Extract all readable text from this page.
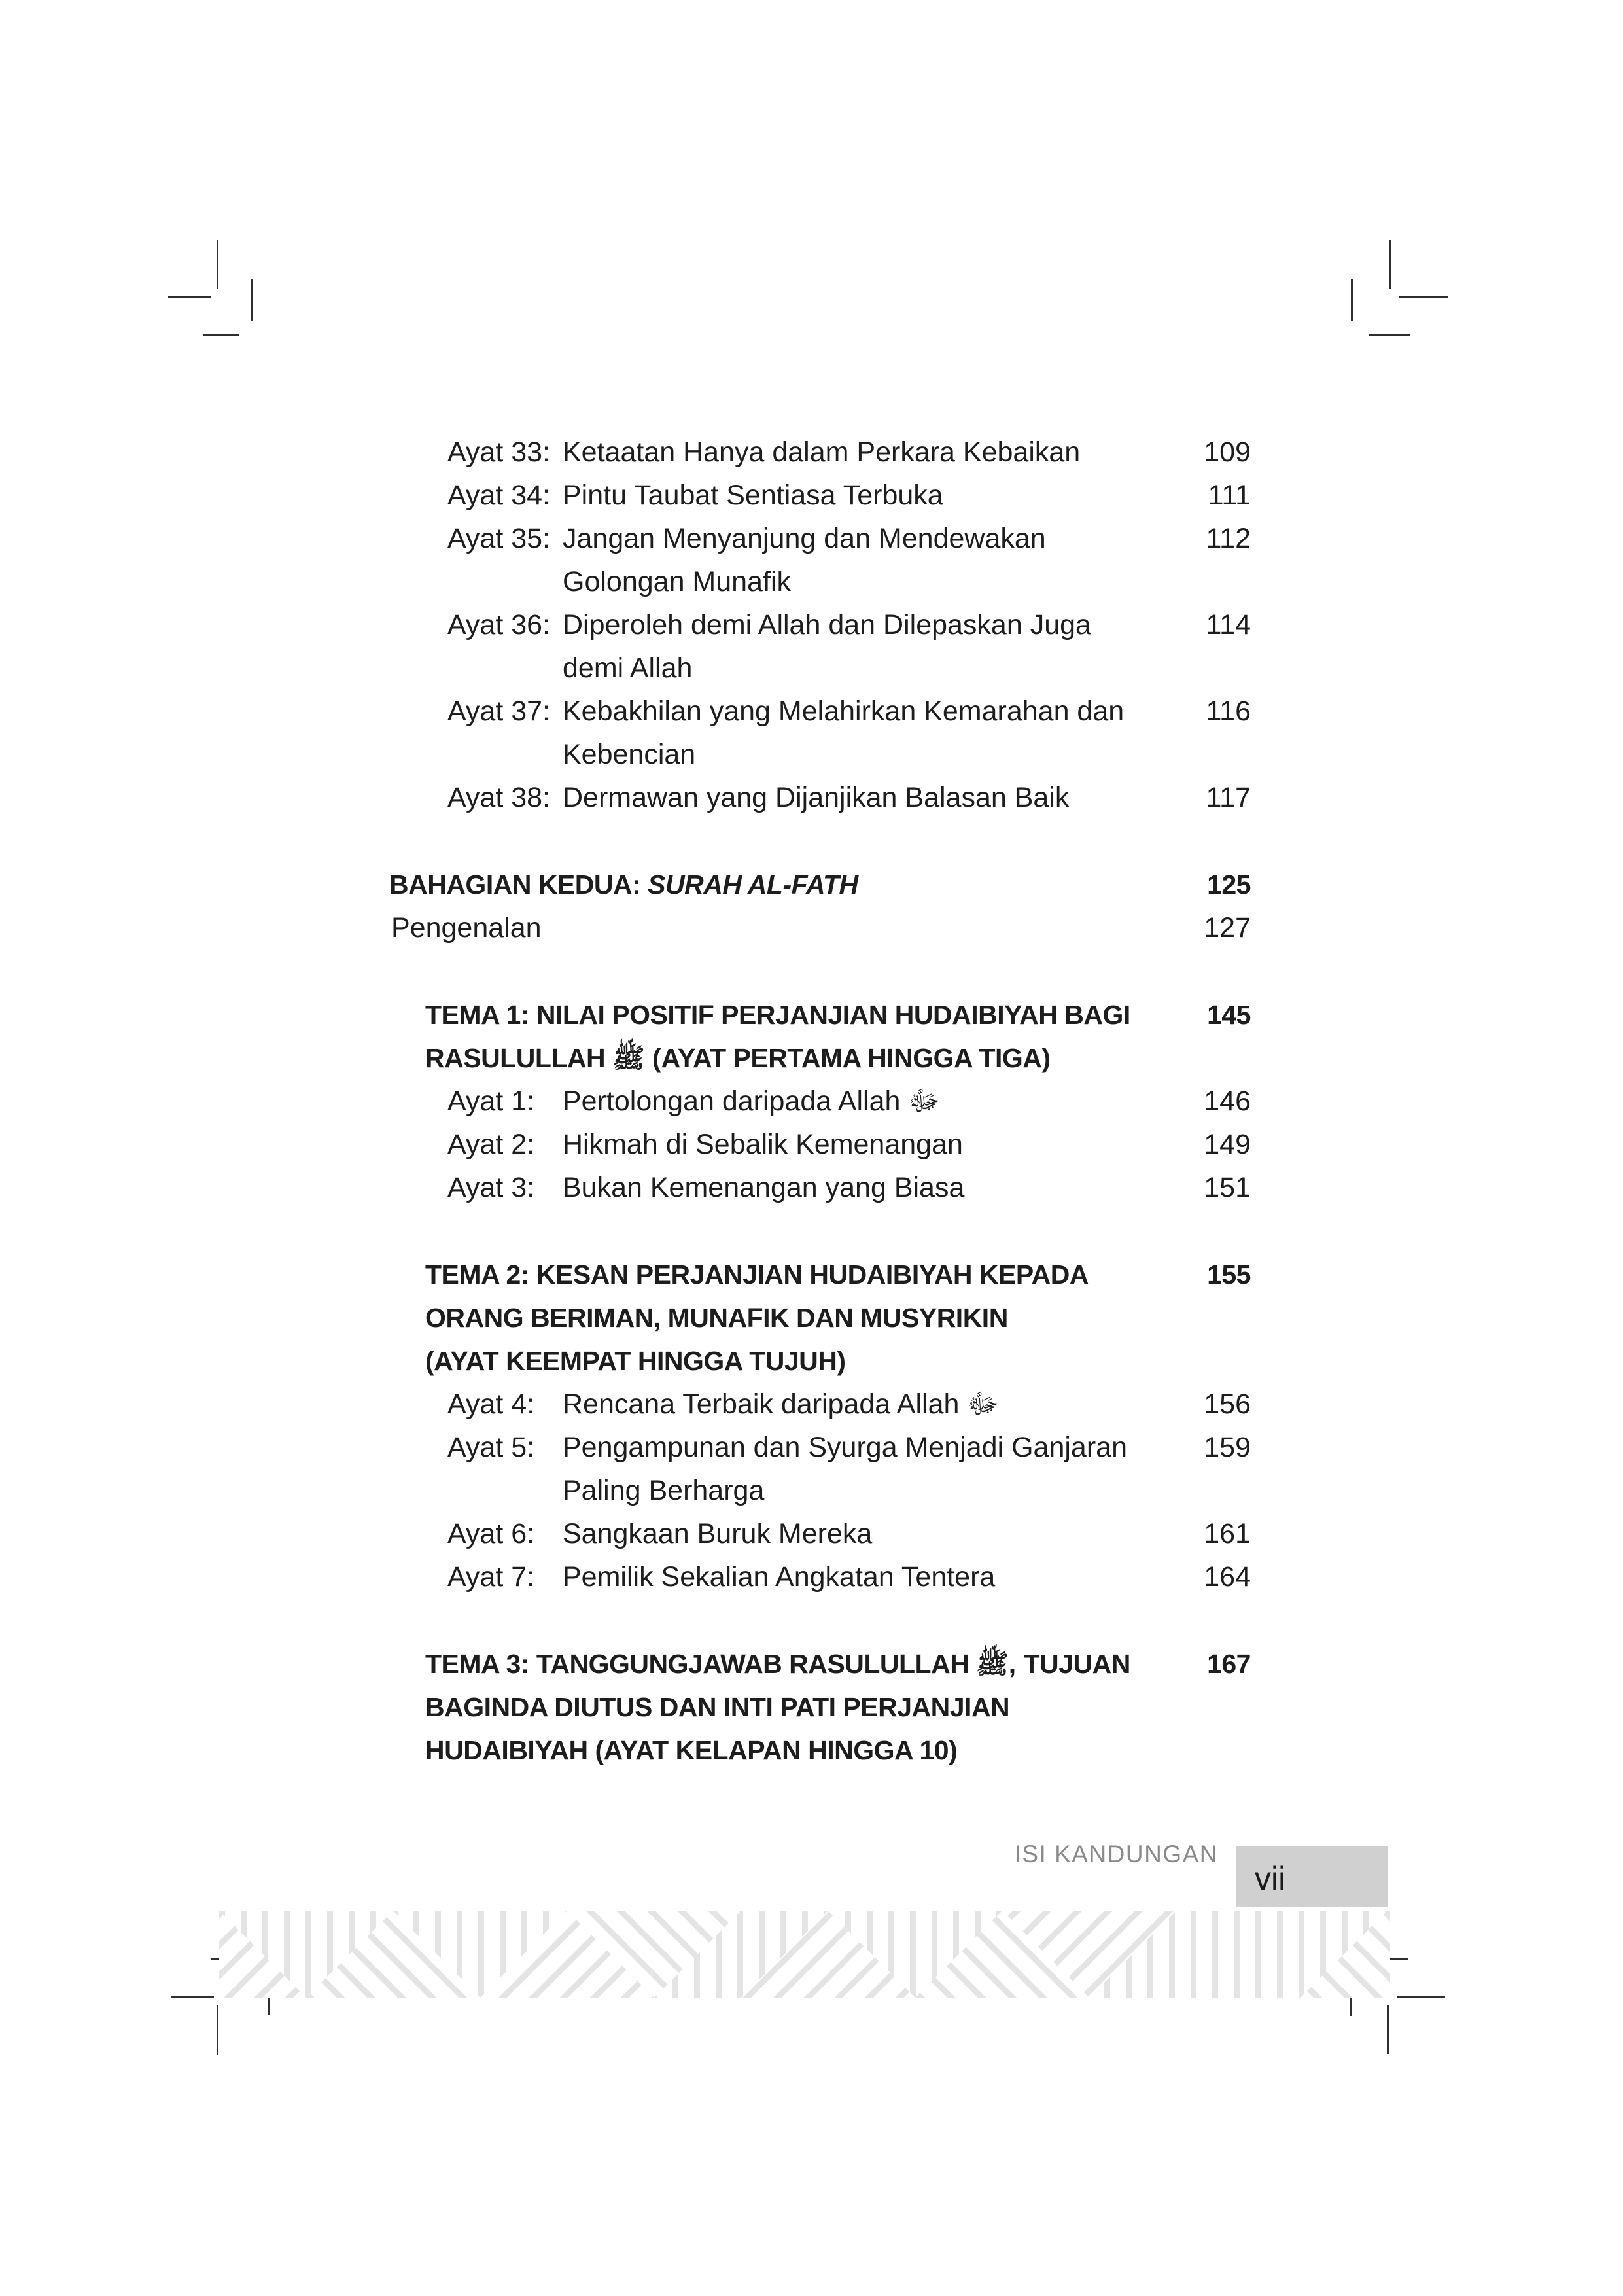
Ayat 33: Ketaatan Hanya dalam Perkara Kebaikan	109
Ayat 34: Pintu Taubat Sentiasa Terbuka	111
Ayat 35: Jangan Menyanjung dan Mendewakan	112
Golongan Munafik
Ayat 36: Diperoleh demi Allah dan Dilepaskan Juga	114
demi Allah
Ayat 37: Kebakhilan yang Melahirkan Kemarahan dan	116
Kebencian
Ayat 38: Dermawan yang Dijanjikan Balasan Baik	117
BAHAGIAN KEDUA: SURAH AL-FATH	125
Pengenalan	127
TEMA 1: NILAI POSITIF PERJANJIAN HUDAIBIYAH BAGI	145
RASULULLAH ﷺ (AYAT PERTAMA HINGGA TIGA)
Ayat 1: Pertolongan daripada Allah ﷻ	146
Ayat 2: Hikmah di Sebalik Kemenangan	149
Ayat 3: Bukan Kemenangan yang Biasa	151
TEMA 2: KESAN PERJANJIAN HUDAIBIYAH KEPADA	155
ORANG BERIMAN, MUNAFIK DAN MUSYRIKIN
(AYAT KEEMPAT HINGGA TUJUH)
Ayat 4: Rencana Terbaik daripada Allah ﷻ	156
Ayat 5: Pengampunan dan Syurga Menjadi Ganjaran	159
Paling Berharga
Ayat 6: Sangkaan Buruk Mereka	161
Ayat 7: Pemilik Sekalian Angkatan Tentera	164
TEMA 3: TANGGUNGJAWAB RASULULLAH ﷺ, TUJUAN	167
BAGINDA DIUTUS DAN INTI PATI PERJANJIAN
HUDAIBIYAH (AYAT KELAPAN HINGGA 10)
ISI KANDUNGAN
vii
